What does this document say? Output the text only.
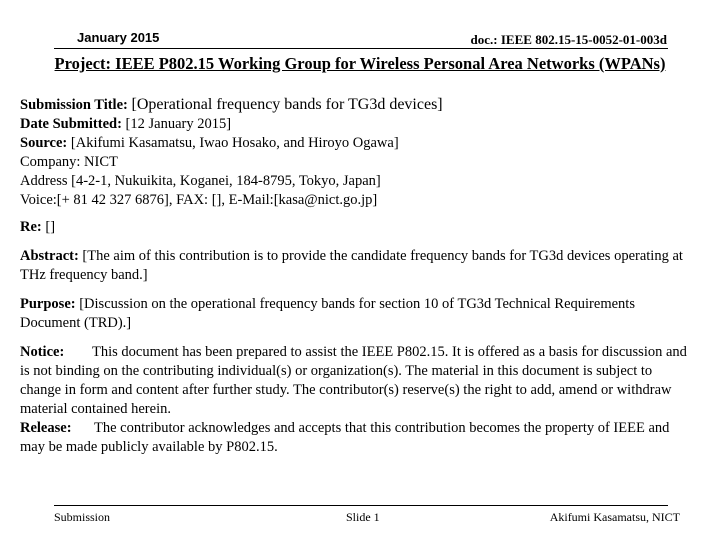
January 2015	doc.: IEEE 802.15-15-0052-01-003d
Project: IEEE P802.15 Working Group for Wireless Personal Area Networks (WPANs)

Submission Title: [Operational frequency bands for TG3d devices]

Date Submitted: [12 January 2015]

Source: [Akifumi Kasamatsu, Iwao Hosako, and Hiroyo Ogawa]

Company: NICT

Address [4-2-1, Nukuikita, Koganei, 184-8795, Tokyo, Japan]

Voice:[+ 81 42 327 6876], FAX: [], E-Mail:[kasa@nict.go.jp]

Re: []

Abstract: [The aim of this contribution is to provide the candidate frequency bands for TG3d devices operating at THz frequency band.]

Purpose: [Discussion on the operational frequency bands for section 10 of TG3d Technical Requirements Document (TRD).]

Notice: This document has been prepared to assist the IEEE P802.15. It is offered as a basis for discussion and is not binding on the contributing individual(s) or organization(s). The material in this document is subject to change in form and content after further study. The contributor(s) reserve(s) the right to add, amend or withdraw material contained herein.

Release: The contributor acknowledges and accepts that this contribution becomes the property of IEEE and may be made publicly available by P802.15.

Submission	Slide 1	Akifumi Kasamatsu, NICT
